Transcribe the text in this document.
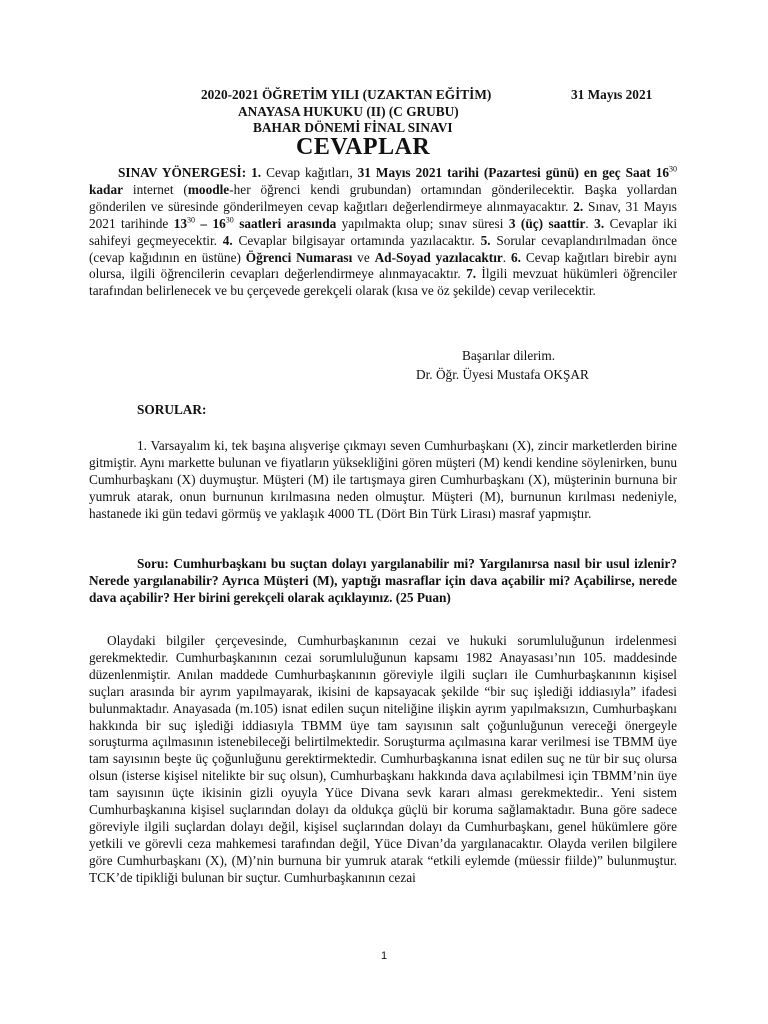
2020-2021 ÖĞRETİM YILI (UZAKTAN EĞİTİM)	31 Mayıs 2021
ANAYASA HUKUKU (II) (C GRUBU)
BAHAR DÖNEMİ FİNAL SINAVI
CEVAPLAR
SINAV YÖNERGESİ: 1. Cevap kağıtları, 31 Mayıs 2021 tarihi (Pazartesi günü) en geç Saat $16^{30}$ kadar internet (moodle-her öğrenci kendi grubundan) ortamından gönderilecektir. Başka yollardan gönderilen ve süresinde gönderilmeyen cevap kağıtları değerlendirmeye alınmayacaktır. 2. Sınav, 31 Mayıs 2021 tarihinde $13^{30} - 16^{30}$ saatleri arasında yapılmakta olup; sınav süresi 3 (üç) saattir. 3. Cevaplar iki sahifeyi geçmeyecektir. 4. Cevaplar bilgisayar ortamında yazılacaktır. 5. Sorular cevaplandırılmadan önce (cevap kağıdının en üstüne) Öğrenci Numarası ve Ad-Soyad yazılacaktır. 6. Cevap kağıtları birebir aynı olursa, ilgili öğrencilerin cevapları değerlendirmeye alınmayacaktır. 7. İlgili mevzuat hükümleri öğrenciler tarafından belirlenecek ve bu çerçevede gerekçeli olarak (kısa ve öz şekilde) cevap verilecektir.
Başarılar dilerim.
Dr. Öğr. Üyesi Mustafa OKŞAR
SORULAR:
1. Varsayalım ki, tek başına alışverişe çıkmayı seven Cumhurbaşkanı (X), zincir marketlerden birine gitmiştir. Aynı markette bulunan ve fiyatların yüksekliğini gören müşteri (M) kendi kendine söylenirken, bunu Cumhurbaşkanı (X) duymuştur. Müşteri (M) ile tartışmaya giren Cumhurbaşkanı (X), müşterinin burnuna bir yumruk atarak, onun burnunun kırılmasına neden olmuştur. Müşteri (M), burnunun kırılması nedeniyle, hastanede iki gün tedavi görmüş ve yaklaşık 4000 TL (Dört Bin Türk Lirası) masraf yapmıştır.
Soru: Cumhurbaşkanı bu suçtan dolayı yargılanabilir mi? Yargılanırsa nasıl bir usul izlenir? Nerede yargılanabilir? Ayrıca Müşteri (M), yaptığı masraflar için dava açabilir mi? Açabilirse, nerede dava açabilir? Her birini gerekçeli olarak açıklayınız. (25 Puan)
Olaydaki bilgiler çerçevesinde, Cumhurbaşkanının cezai ve hukuki sorumluluğunun irdelenmesi gerekmektedir. Cumhurbaşkanının cezai sorumluluğunun kapsamı 1982 Anayasası’nın 105. maddesinde düzenlenmiştir. Anılan maddede Cumhurbaşkanının göreviyle ilgili suçları ile Cumhurbaşkanının kişisel suçları arasında bir ayrım yapılmayarak, ikisini de kapsayacak şekilde “bir suç işlediği iddiasıyla” ifadesi bulunmaktadır. Anayasada (m.105) isnat edilen suçun niteliğine ilişkin ayrım yapılmaksızın, Cumhurbaşkanı hakkında bir suç işlediği iddiasıyla TBMM üye tam sayısının salt çoğunluğunun vereceği önergeyle soruşturma açılmasının istenebileceği belirtilmektedir. Soruşturma açılmasına karar verilmesi ise TBMM üye tam sayısının beşte üç çoğunluğunu gerektirmektedir. Cumhurbaşkanına isnat edilen suç ne tür bir suç olursa olsun (isterse kişisel nitelikte bir suç olsun), Cumhurbaşkanı hakkında dava açılabilmesi için TBMM’nin üye tam sayısının üçte ikisinin gizli oyuyla Yüce Divana sevk kararı alması gerekmektedir.. Yeni sistem Cumhurbaşkanına kişisel suçlarından dolayı da oldukça güçlü bir koruma sağlamaktadır. Buna göre sadece göreviyle ilgili suçlardan dolayı değil, kişisel suçlarından dolayı da Cumhurbaşkanı, genel hükümlere göre yetkili ve görevli ceza mahkemesi tarafından değil, Yüce Divan’da yargılanacaktır. Olayda verilen bilgilere göre Cumhurbaşkanı (X), (M)’nin burnuna bir yumruk atarak “etkili eylemde (müessir fiilde)” bulunmuştur. TCK’de tipikliği bulunan bir suçtur. Cumhurbaşkanının cezai
1
